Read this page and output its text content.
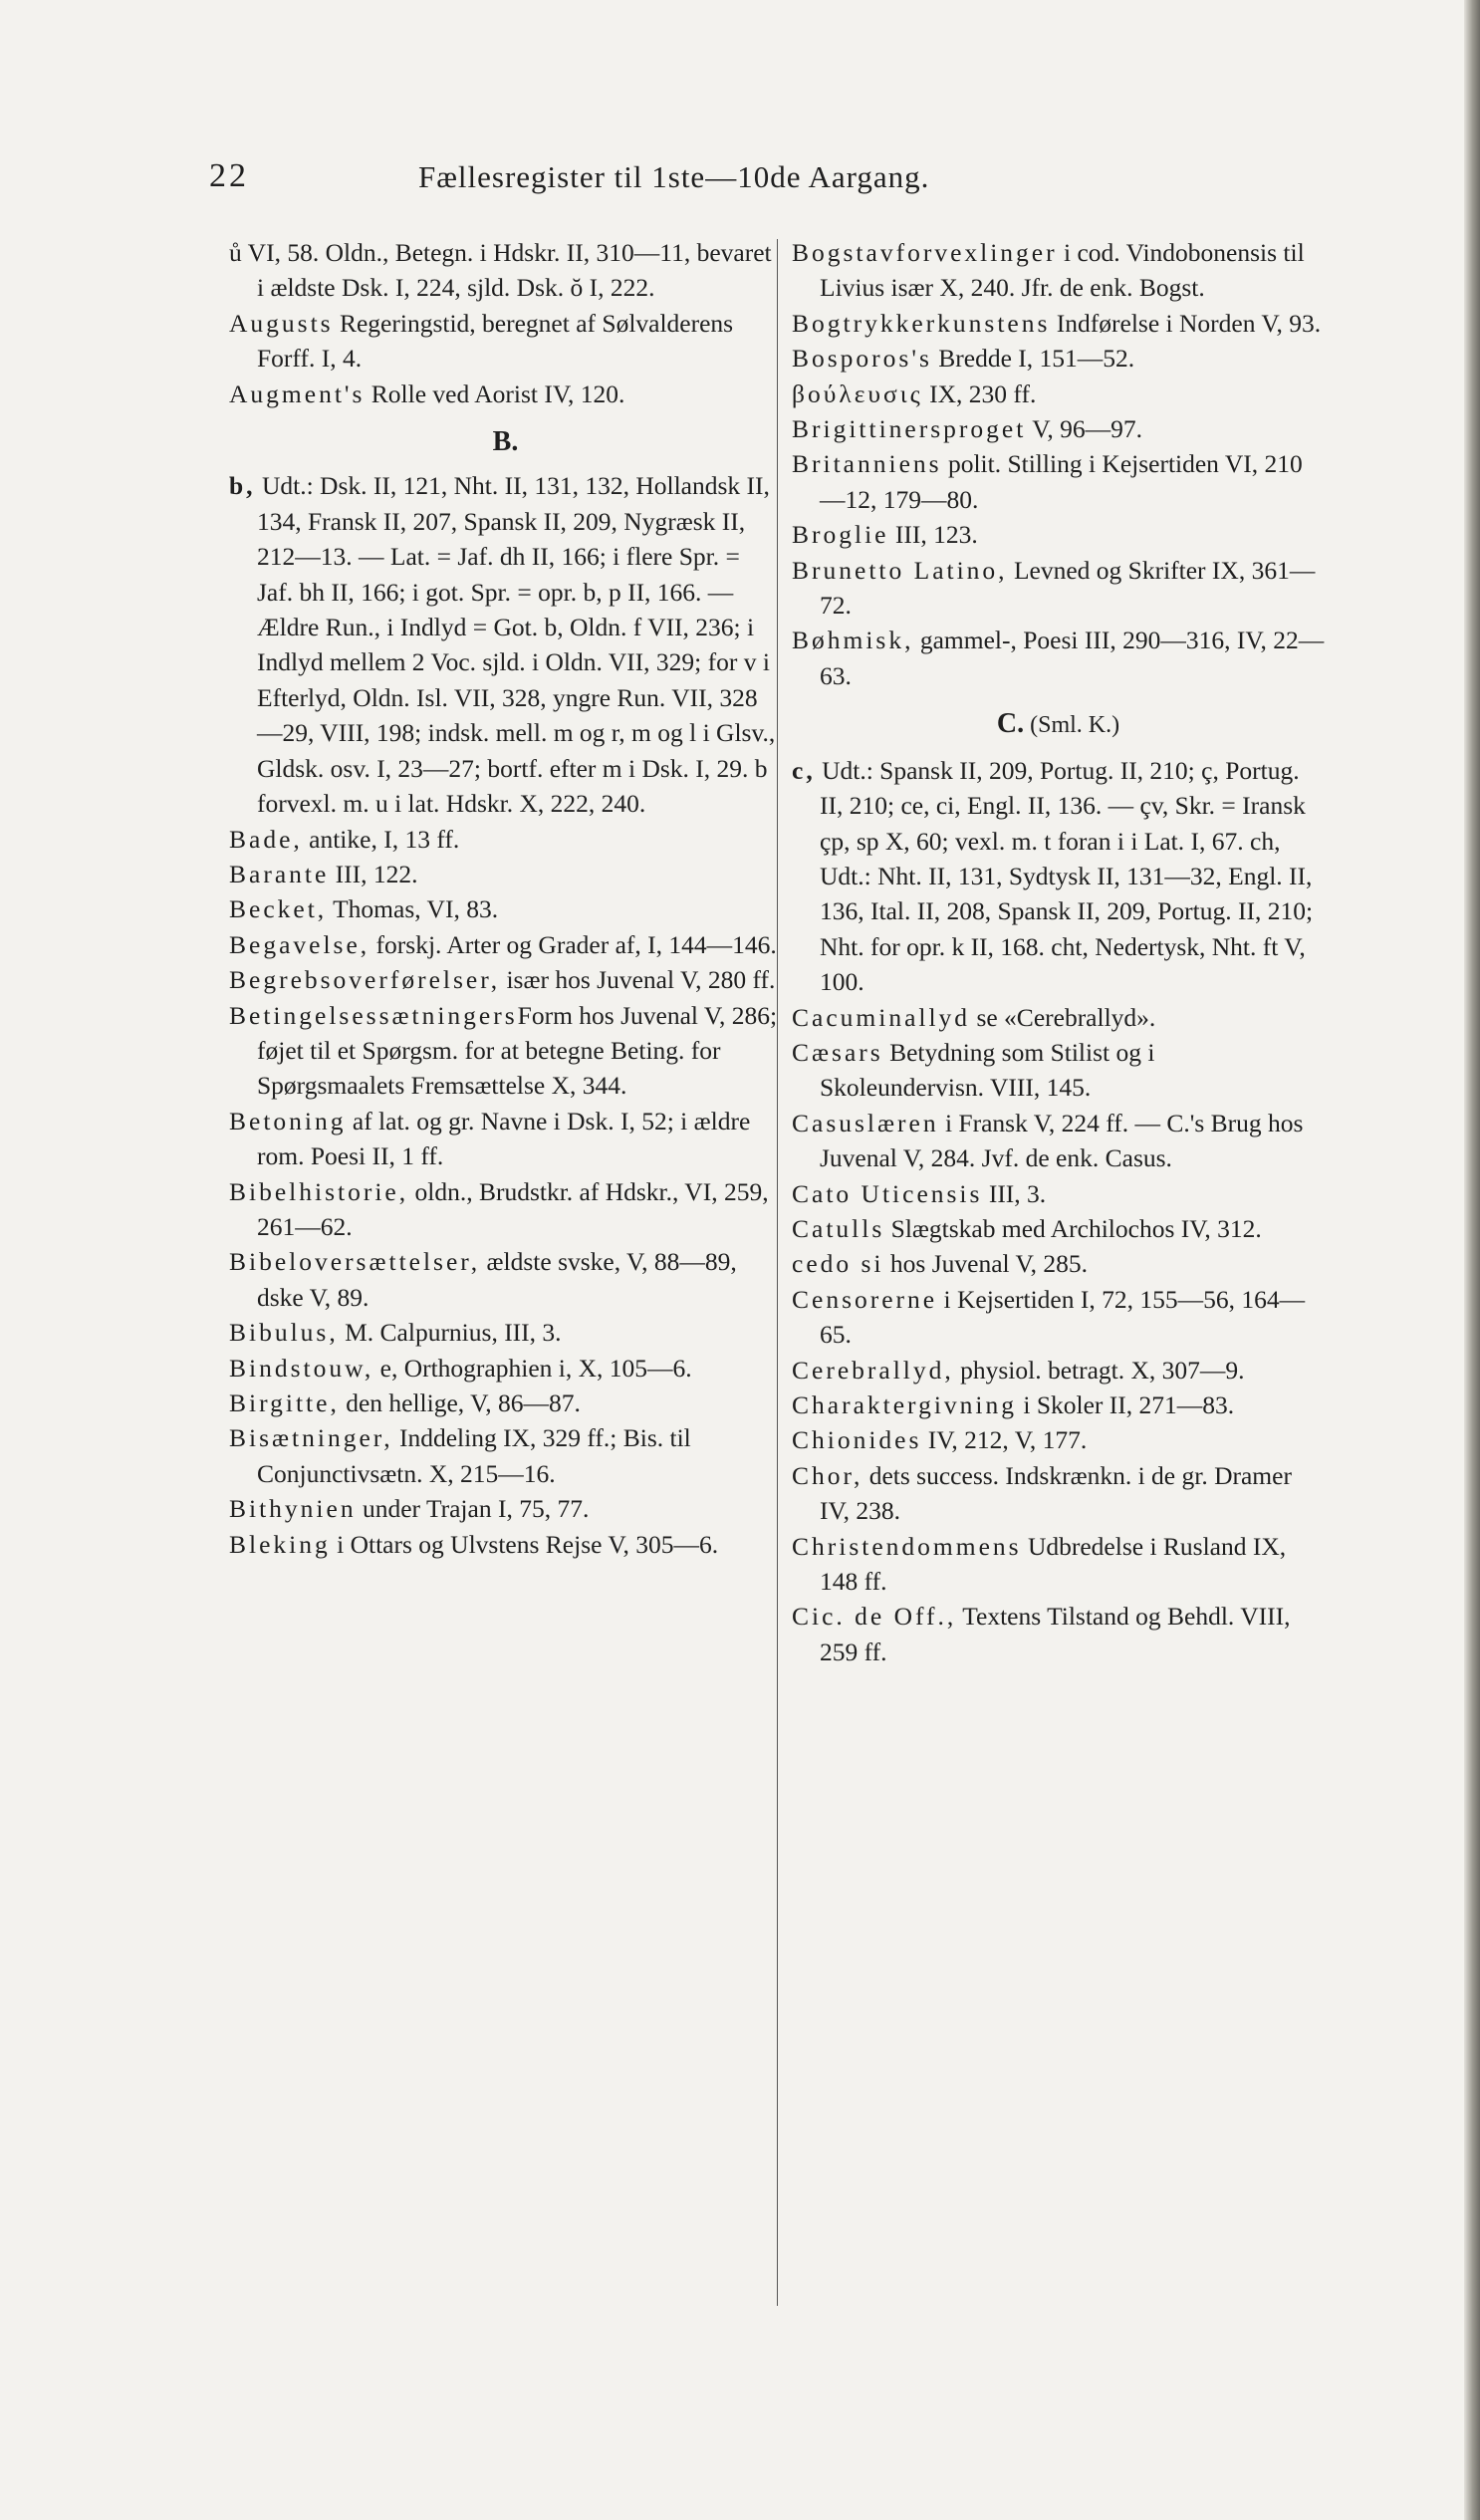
22	Fællesregister til 1ste—10de Aargang.

ů VI, 58. Oldn., Betegn. i Hdskr. II, 310—11, bevaret i ældste Dsk. I, 224, sjld. Dsk. ŏ I, 222.

Augusts Regeringstid, beregnet af Sølvalderens Forff. I, 4.

Augment's Rolle ved Aorist IV, 120.

B.

b, Udt.: Dsk. II, 121, Nht. II, 131, 132, Hollandsk II, 134, Fransk II, 207, Spansk II, 209, Nygræsk II, 212—13. — Lat. = Jaf. dh II, 166; i flere Spr. = Jaf. bh II, 166; i got. Spr. = opr. b, p II, 166. — Ældre Run., i Indlyd = Got. b, Oldn. f VII, 236; i Indlyd mellem 2 Voc. sjld. i Oldn. VII, 329; for v i Efterlyd, Oldn. Isl. VII, 328, yngre Run. VII, 328—29, VIII, 198; indsk. mell. m og r, m og l i Glsv., Gldsk. osv. I, 23—27; bortf. efter m i Dsk. I, 29. b forvexl. m. u i lat. Hdskr. X, 222, 240.

Bade, antike, I, 13 ff.

Barante III, 122.

Becket, Thomas, VI, 83.

Begavelse, forskj. Arter og Grader af, I, 144—146.

Begrebsoverførelser, især hos Juvenal V, 280 ff.

BetingelsessætningersForm hos Juvenal V, 286; føjet til et Spørgsm. for at betegne Beting. for Spørgsmaalets Fremsættelse X, 344.

Betoning af lat. og gr. Navne i Dsk. I, 52; i ældre rom. Poesi II, 1 ff.

Bibelhistorie, oldn., Brudstkr. af Hdskr., VI, 259, 261—62.

Bibeloversættelser, ældste svske, V, 88—89, dske V, 89.

Bibulus, M. Calpurnius, III, 3.

Bindstouw, e, Orthographien i, X, 105—6.

Birgitte, den hellige, V, 86—87.

Bisætninger, Inddeling IX, 329 ff.; Bis. til Conjunctivsætn. X, 215—16.

Bithynien under Trajan I, 75, 77.

Bleking i Ottars og Ulvstens Rejse V, 305—6.

Bogstavforvexlinger i cod. Vindobonensis til Livius især X, 240. Jfr. de enk. Bogst.

Bogtrykkerkunstens Indførelse i Norden V, 93.

Bosporos's Bredde I, 151—52.

βούλευσις IX, 230 ff.

Brigittinersproget V, 96—97.

Britanniens polit. Stilling i Kejsertiden VI, 210—12, 179—80.

Broglie III, 123.

Brunetto Latino, Levned og Skrifter IX, 361—72.

Bøhmisk, gammel-, Poesi III, 290—316, IV, 22—63.

C. (Sml. K.)

c, Udt.: Spansk II, 209, Portug. II, 210; ç, Portug. II, 210; ce, ci, Engl. II, 136. — çv, Skr. = Iransk çp, sp X, 60; vexl. m. t foran i i Lat. I, 67. ch, Udt.: Nht. II, 131, Sydtysk II, 131—32, Engl. II, 136, Ital. II, 208, Spansk II, 209, Portug. II, 210; Nht. for opr. k II, 168. cht, Nedertysk, Nht. ft V, 100.

Cacuminallyd se «Cerebrallyd».

Cæsars Betydning som Stilist og i Skoleundervisn. VIII, 145.

Casuslæren i Fransk V, 224 ff. — C.'s Brug hos Juvenal V, 284. Jvf. de enk. Casus.

Cato Uticensis III, 3.

Catulls Slægtskab med Archilochos IV, 312.

cedo si hos Juvenal V, 285.

Censorerne i Kejsertiden I, 72, 155—56, 164—65.

Cerebrallyd, physiol. betragt. X, 307—9.

Charaktergivning i Skoler II, 271—83.

Chionides IV, 212, V, 177.

Chor, dets success. Indskrænkn. i de gr. Dramer IV, 238.

Christendommens Udbredelse i Rusland IX, 148 ff.

Cic. de Off., Textens Tilstand og Behdl. VIII, 259 ff.
